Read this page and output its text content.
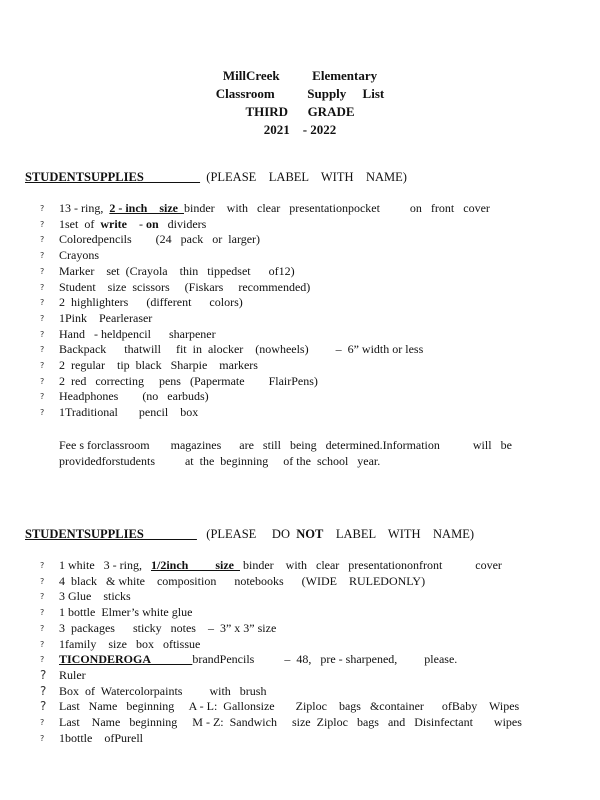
MillCreek          Elementary
Classroom          Supply     List
THIRD      GRADE
2021    - 2022
STUDENTSUPPLIES                    (PLEASE    LABEL    WITH    NAME)
?	13 - ring,  2 - inch    size  binder    with   clear   presentationpocket          on   front   cover
?	1set  of  write    - on   dividers
?	Coloredpencils        (24   pack   or  larger)
?	Crayons
?	Marker    set  (Crayola    thin   tippedset      of12)
?	Student    size  scissors     (Fiskars     recommended)
?	2  highlighters      (different      colors)
?	1Pink    Pearleraser
?	Hand   - heldpencil      sharpener
?	Backpack      thatwill     fit  in  alocker    (nowheels)         –  6” width or less
?	2  regular    tip  black   Sharpie    markers
?	2  red   correcting     pens   (Papermate        FlairPens)
?	Headphones        (no   earbuds)
?	1Traditional       pencil    box
Fee s forclassroom       magazines      are   still   being   determined.Information           will   be
providedforstudents          at  the  beginning     of the  school   year.
STUDENTSUPPLIES                    (PLEASE     DO  NOT    LABEL    WITH    NAME)
?	1 white   3 - ring,   1/2inch         size   binder    with   clear   presentationonfront           cover
?	4  black   & white    composition      notebooks      (WIDE    RULEDONLY)
?	3 Glue    sticks
?	1 bottle  Elmer’s white glue
?	3  packages      sticky   notes    –  3” x 3” size
?	1family    size   box   oftissue
?	TICONDEROGA              brandPencils          –  48,   pre - sharpened,         please.
?	Ruler
?	Box  of  Watercolorpaints         with   brush
?	Last   Name   beginning     A - L:  Gallonsize       Ziploc    bags   &container      ofBaby    Wipes
?	Last    Name   beginning     M - Z:  Sandwich     size  Ziploc   bags   and   Disinfectant       wipes
?	1bottle    ofPurell
